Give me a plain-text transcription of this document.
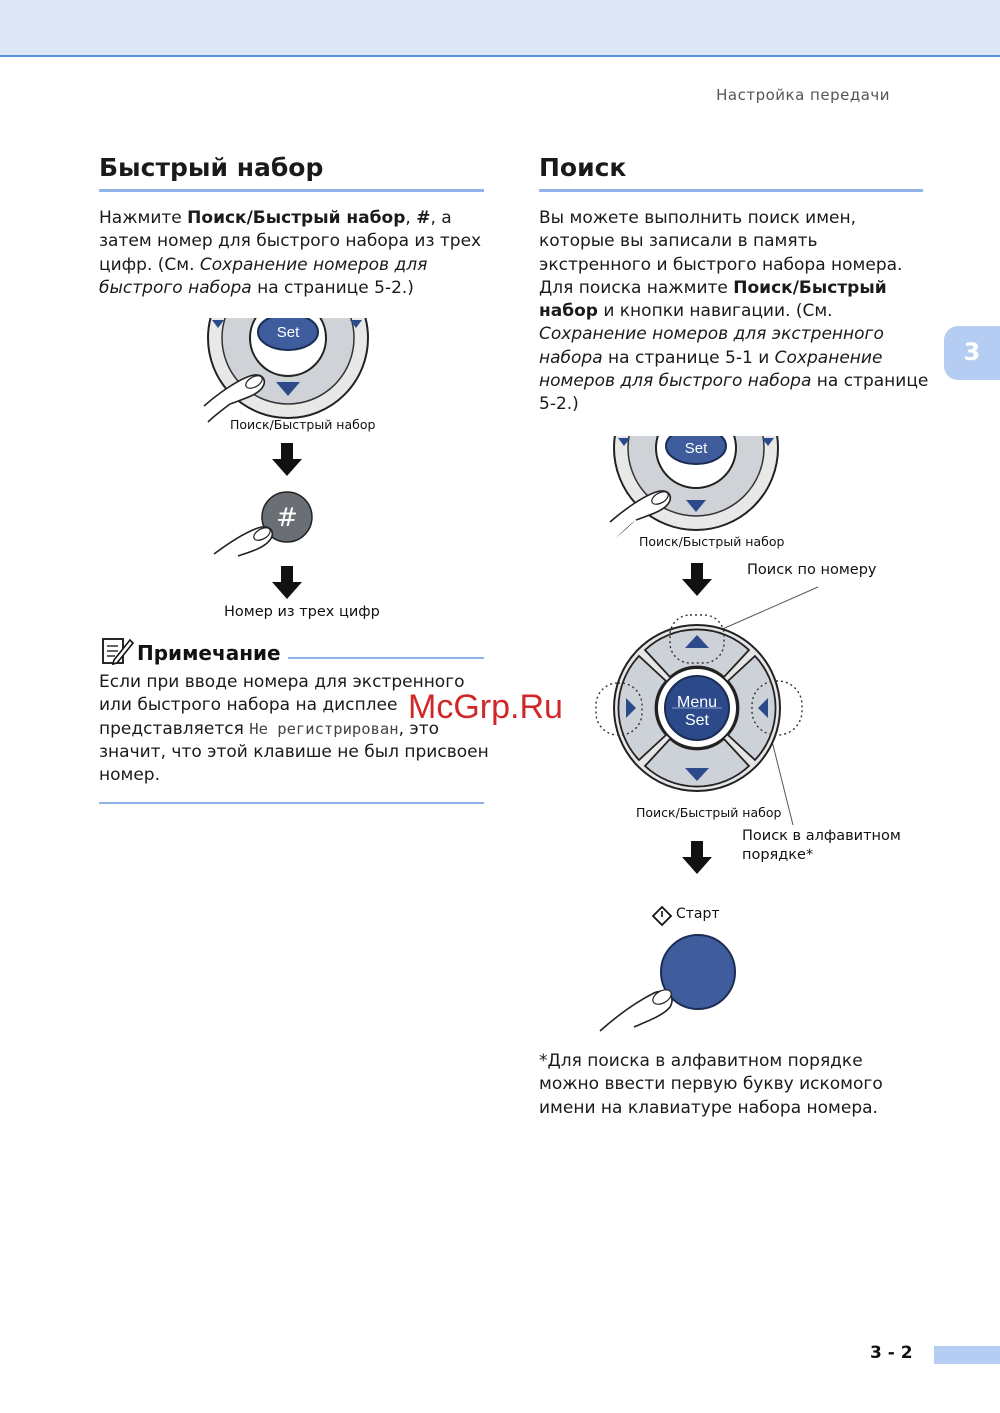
Настройка передачи
Быстрый набор

Нажмите Поиск/Быстрый набор, #, а затем номер для быстрого набора из трех цифр. (См. Сохранение номеров для быстрого набора на странице 5-2.)

Set
Поиск/Быстрый набор
#
Номер из трех цифр
Примечание

Если при вводе номера для экстренного или быстрого набора на дисплее представляется Не регистрирован, это значит, что этой клавише не был присвоен номер.

Поиск

Вы можете выполнить поиск имен, которые вы записали в память экстренного и быстрого набора номера. Для поиска нажмите Поиск/Быстрый набор и кнопки навигации. (См. Сохранение номеров для экстренного набора на странице 5-1 и Сохранение номеров для быстрого набора на странице 5-2.)

Set
Поиск/Быстрый набор
Поиск по номеру
Menu
Set
Поиск/Быстрый набор
Поиск в алфавитном порядке*
Старт

*Для поиска в алфавитном порядке можно ввести первую букву искомого имени на клавиатуре набора номера.

3
3 - 2
McGrp.Ru
